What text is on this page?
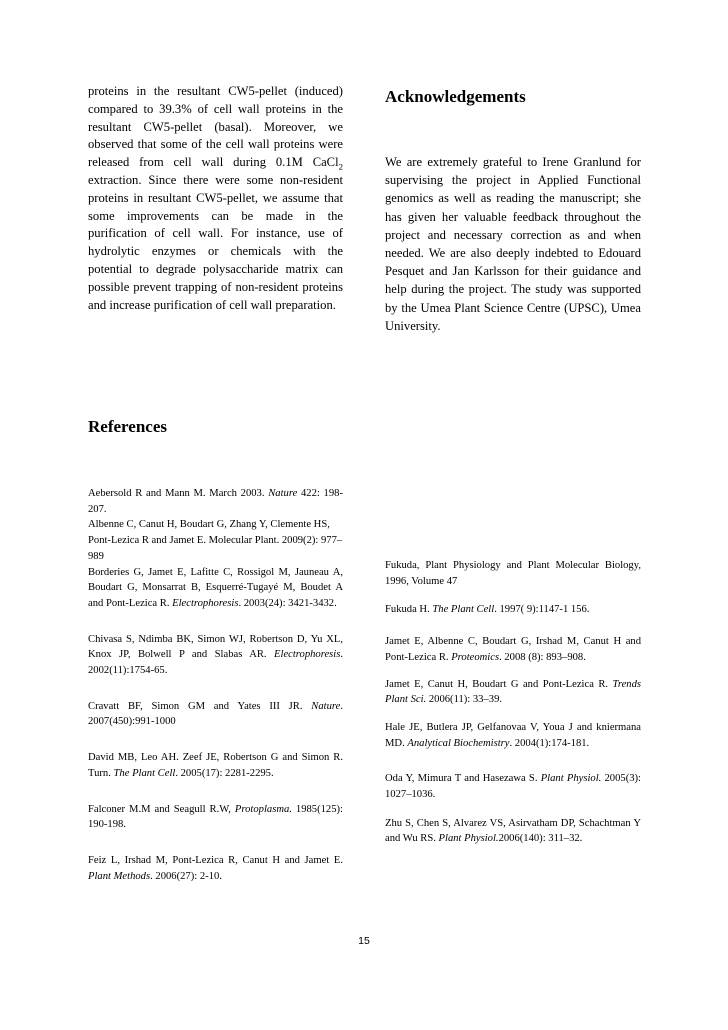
proteins in the resultant CW5-pellet (induced) compared to 39.3% of cell wall proteins in the resultant CW5-pellet (basal). Moreover, we observed that some of the cell wall proteins were released from cell wall during 0.1M CaCl$_2$ extraction. Since there were some non-resident proteins in resultant CW5-pellet, we assume that some improvements can be made in the purification of cell wall. For instance, use of hydrolytic enzymes or chemicals with the potential to degrade polysaccharide matrix can possible prevent trapping of non-resident proteins and increase purification of cell wall preparation.

Acknowledgements

We are extremely grateful to Irene Granlund for supervising the project in Applied Functional genomics as well as reading the manuscript; she has given her valuable feedback throughout the project and necessary correction as and when needed. We are also deeply indebted to Edouard Pesquet and Jan Karlsson for their guidance and help during the project. The study was supported by the Umea Plant Science Centre (UPSC), Umea University.

References

Aebersold R and Mann M. March 2003. Nature 422: 198-207.

Albenne C, Canut H, Boudart G, Zhang Y, Clemente HS, Pont-Lezica R and Jamet E. Molecular Plant. 2009(2): 977–989

Borderies G, Jamet E, Lafitte C, Rossigol M, Jauneau A, Boudart G, Monsarrat B, Esquerré-Tugayé M, Boudet A and Pont-Lezica R. Electrophoresis. 2003(24): 3421-3432.

Chivasa S, Ndimba BK, Simon WJ, Robertson D, Yu XL, Knox JP, Bolwell P and Slabas AR. Electrophoresis. 2002(11):1754-65.

Cravatt BF, Simon GM and Yates III JR. Nature. 2007(450):991-1000

David MB, Leo AH. Zeef JE, Robertson G and Simon R. Turn. The Plant Cell. 2005(17): 2281-2295.

Falconer M.M and Seagull R.W, Protoplasma. 1985(125): 190-198.

Feiz L, Irshad M, Pont-Lezica R, Canut H and Jamet E. Plant Methods. 2006(27): 2-10.

Fukuda, Plant Physiology and Plant Molecular Biology, 1996, Volume 47

Fukuda H. The Plant Cell. 1997( 9):1147-1 156.

Jamet E, Albenne C, Boudart G, Irshad M, Canut H and Pont-Lezica R. Proteomics. 2008 (8): 893–908.

Jamet E, Canut H, Boudart G and Pont-Lezica R. Trends Plant Sci. 2006(11): 33–39.

Hale JE, Butlera JP, Gelfanovaa V, Youa J and kniermana MD. Analytical Biochemistry. 2004(1):174-181.

Oda Y, Mimura T and Hasezawa S. Plant Physiol. 2005(3): 1027–1036.

Zhu S, Chen S, Alvarez VS, Asirvatham DP, Schachtman Y and Wu RS. Plant Physiol.2006(140): 311–32.

15
